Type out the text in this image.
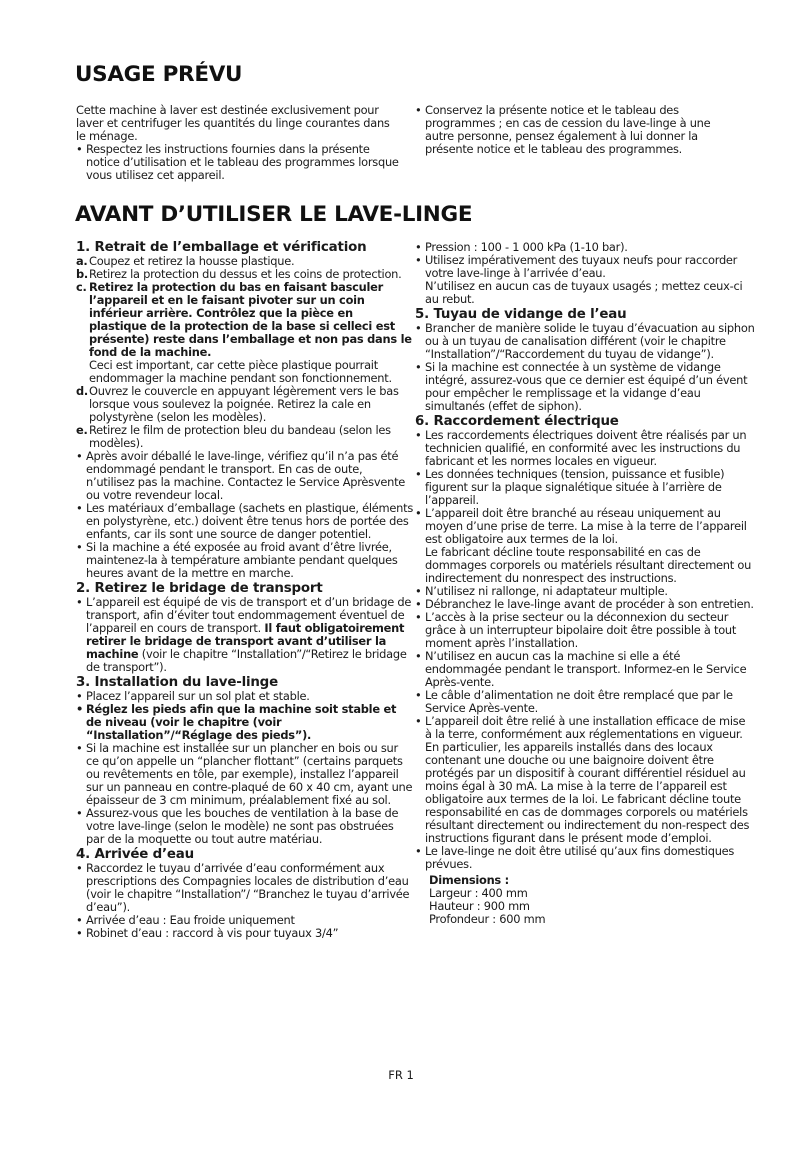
USAGE PRÉVU

Cette machine à laver est destinée exclusivement pour laver et centrifuger les quantités du linge courantes dans le ménage.

• Respectez les instructions fournies dans la présente notice d’utilisation et le tableau des programmes lorsque vous utilisez cet appareil.

• Conservez la présente notice et le tableau des programmes ; en cas de cession du lave-linge à une autre personne, pensez également à lui donner la présente notice et le tableau des programmes.

AVANT D’UTILISER LE LAVE-LINGE
1. Retrait de l’emballage et vérification

a. Coupez et retirez la housse plastique.

b. Retirez la protection du dessus et les coins de protection.

c. Retirez la protection du bas en faisant basculer l’appareil et en le faisant pivoter sur un coin inférieur arrière. Contrôlez que la pièce en plastique de la protection de la base si celleci est présente) reste dans l’emballage et non pas dans le fond de la machine.
Ceci est important, car cette pièce plastique pourrait endommager la machine pendant son fonctionnement.

d. Ouvrez le couvercle en appuyant légèrement vers le bas lorsque vous soulevez la poignée. Retirez la cale en polystyrène (selon les modèles).

e. Retirez le film de protection bleu du bandeau (selon les modèles).

• Après avoir déballé le lave-linge, vérifiez qu’il n’a pas été endommagé pendant le transport. En cas de oute, n’utilisez pas la machine. Contactez le Service Aprèsvente ou votre revendeur local.

• Les matériaux d’emballage (sachets en plastique, éléments en polystyrène, etc.) doivent être tenus hors de portée des enfants, car ils sont une source de danger potentiel.

• Si la machine a été exposée au froid avant d’être livrée, maintenez-la à température ambiante pendant quelques heures avant de la mettre en marche.

2. Retirez le bridage de transport

• L’appareil est équipé de vis de transport et d’un bridage de transport, afin d’éviter tout endommagement éventuel de l’appareil en cours de transport. Il faut obligatoirement retirer le bridage de transport avant d’utiliser la machine (voir le chapitre “Installation”/“Retirez le bridage de transport”).

3. Installation du lave-linge

• Placez l’appareil sur un sol plat et stable.

• Réglez les pieds afin que la machine soit stable et de niveau (voir le chapitre (voir “Installation”/“Réglage des pieds”).

• Si la machine est installée sur un plancher en bois ou sur ce qu’on appelle un “plancher flottant” (certains parquets ou revêtements en tôle, par exemple), installez l’appareil sur un panneau en contre-plaqué de 60 x 40 cm, ayant une épaisseur de 3 cm minimum, préalablement fixé au sol.

• Assurez-vous que les bouches de ventilation à la base de votre lave-linge (selon le modèle) ne sont pas obstruées par de la moquette ou tout autre matériau.

4. Arrivée d’eau

• Raccordez le tuyau d’arrivée d’eau conformément aux prescriptions des Compagnies locales de distribution d’eau (voir le chapitre “Installation”/ “Branchez le tuyau d’arrivée d’eau”).

• Arrivée d’eau : Eau froide uniquement

• Robinet d’eau : raccord à vis pour tuyaux 3/4”

• Pression : 100 - 1 000 kPa (1-10 bar).

• Utilisez impérativement des tuyaux neufs pour raccorder votre lave-linge à l’arrivée d’eau.
N’utilisez en aucun cas de tuyaux usagés ; mettez ceux-ci au rebut.

5. Tuyau de vidange de l’eau

• Brancher de manière solide le tuyau d’évacuation au siphon ou à un tuyau de canalisation différent (voir le chapitre “Installation”/“Raccordement du tuyau de vidange”).

• Si la machine est connectée à un système de vidange intégré, assurez-vous que ce dernier est équipé d’un évent pour empêcher le remplissage et la vidange d’eau simultanés (effet de siphon).

6. Raccordement électrique

• Les raccordements électriques doivent être réalisés par un technicien qualifié, en conformité avec les instructions du fabricant et les normes locales en vigueur.

• Les données techniques (tension, puissance et fusible) figurent sur la plaque signalétique située à l’arrière de l’appareil.

• L’appareil doit être branché au réseau uniquement au moyen d’une prise de terre. La mise à la terre de l’appareil est obligatoire aux termes de la loi.
Le fabricant décline toute responsabilité en cas de dommages corporels ou matériels résultant directement ou indirectement du nonrespect des instructions.

• N’utilisez ni rallonge, ni adaptateur multiple.

• Débranchez le lave-linge avant de procéder à son entretien.

• L’accès à la prise secteur ou la déconnexion du secteur grâce à un interrupteur bipolaire doit être possible à tout moment après l’installation.

• N’utilisez en aucun cas la machine si elle a été endommagée pendant le transport. Informez-en le Service Après-vente.

• Le câble d’alimentation ne doit être remplacé que par le Service Après-vente.

• L’appareil doit être relié à une installation efficace de mise à la terre, conformément aux réglementations en vigueur. En particulier, les appareils installés dans des locaux contenant une douche ou une baignoire doivent être protégés par un dispositif à courant différentiel résiduel au moins égal à 30 mA. La mise à la terre de l’appareil est obligatoire aux termes de la loi. Le fabricant décline toute responsabilité en cas de dommages corporels ou matériels résultant directement ou indirectement du non-respect des instructions figurant dans le présent mode d’emploi.

• Le lave-linge ne doit être utilisé qu’aux fins domestiques prévues.

Dimensions :
Largeur : 400 mm
Hauteur : 900 mm
Profondeur : 600 mm
FR 1
